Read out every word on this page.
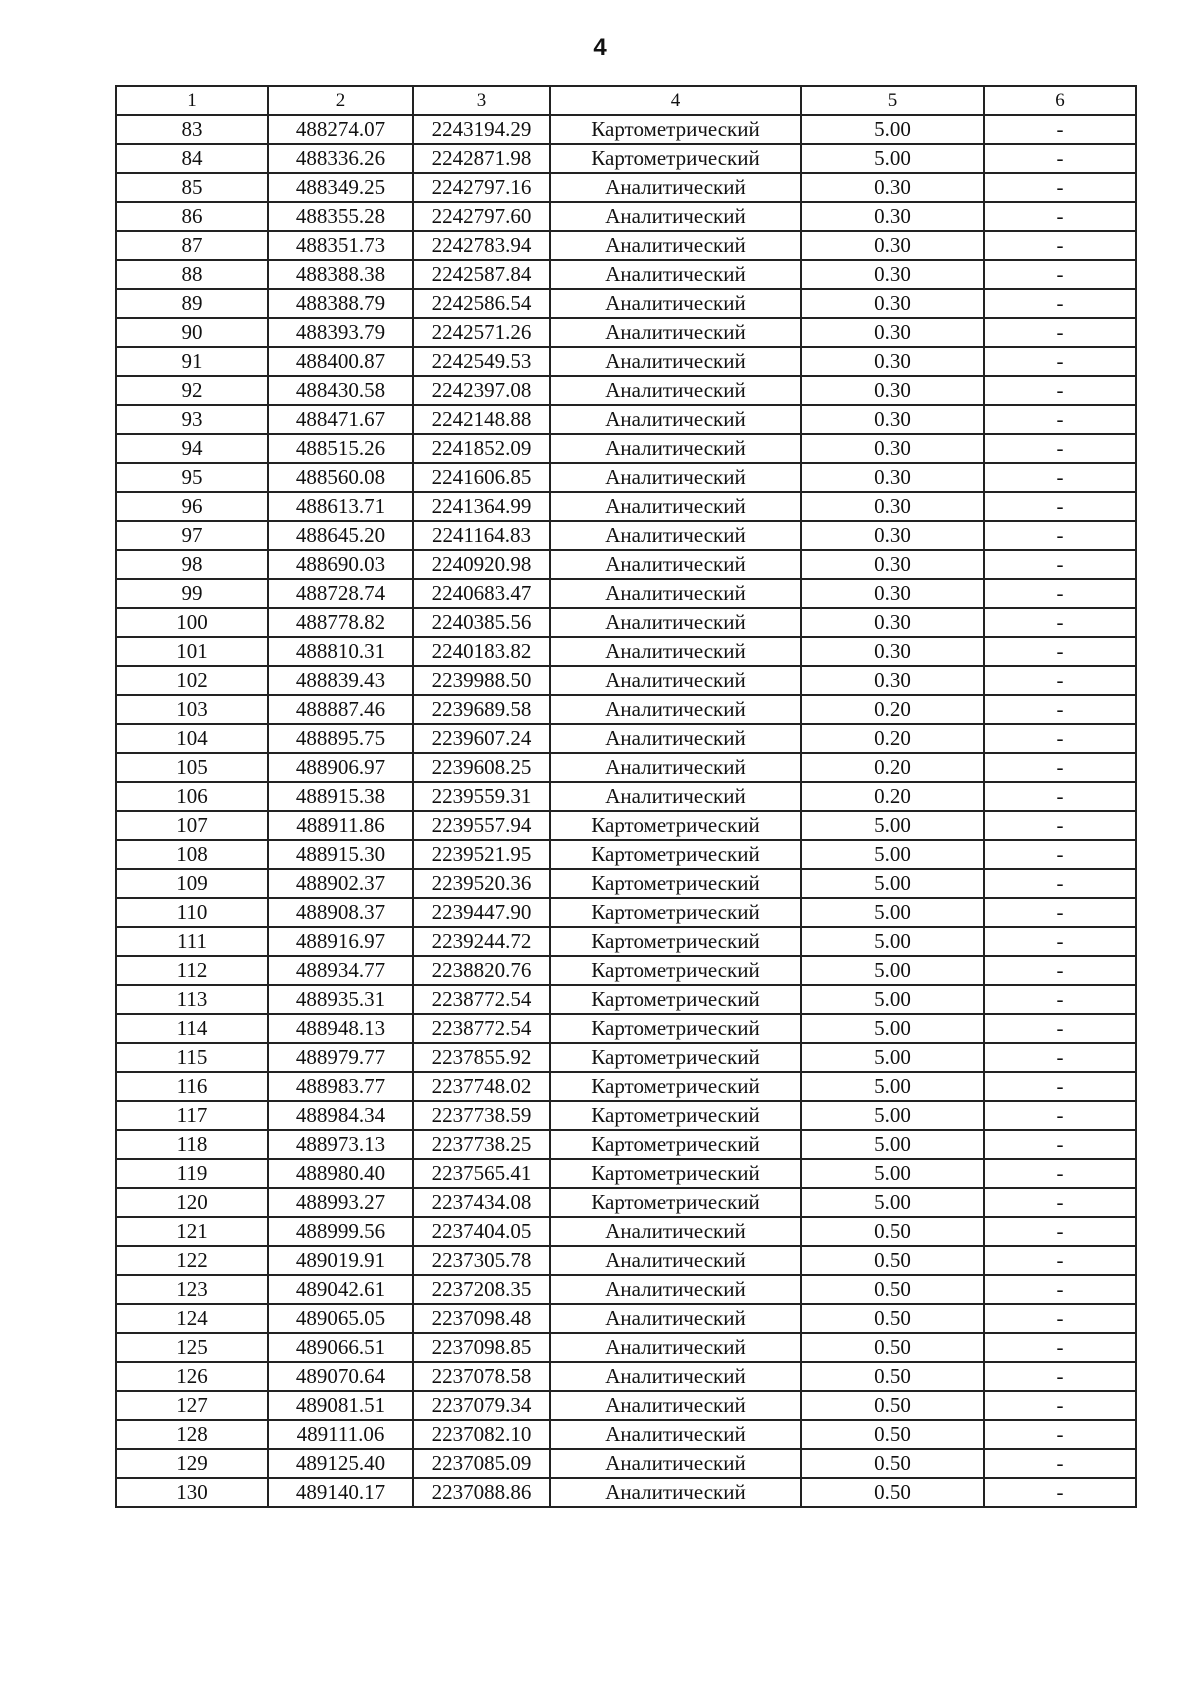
4
1	2	3	4	5	6
83	488274.07	2243194.29	Картометрический	5.00	-
84	488336.26	2242871.98	Картометрический	5.00	-
85	488349.25	2242797.16	Аналитический	0.30	-
86	488355.28	2242797.60	Аналитический	0.30	-
87	488351.73	2242783.94	Аналитический	0.30	-
88	488388.38	2242587.84	Аналитический	0.30	-
89	488388.79	2242586.54	Аналитический	0.30	-
90	488393.79	2242571.26	Аналитический	0.30	-
91	488400.87	2242549.53	Аналитический	0.30	-
92	488430.58	2242397.08	Аналитический	0.30	-
93	488471.67	2242148.88	Аналитический	0.30	-
94	488515.26	2241852.09	Аналитический	0.30	-
95	488560.08	2241606.85	Аналитический	0.30	-
96	488613.71	2241364.99	Аналитический	0.30	-
97	488645.20	2241164.83	Аналитический	0.30	-
98	488690.03	2240920.98	Аналитический	0.30	-
99	488728.74	2240683.47	Аналитический	0.30	-
100	488778.82	2240385.56	Аналитический	0.30	-
101	488810.31	2240183.82	Аналитический	0.30	-
102	488839.43	2239988.50	Аналитический	0.30	-
103	488887.46	2239689.58	Аналитический	0.20	-
104	488895.75	2239607.24	Аналитический	0.20	-
105	488906.97	2239608.25	Аналитический	0.20	-
106	488915.38	2239559.31	Аналитический	0.20	-
107	488911.86	2239557.94	Картометрический	5.00	-
108	488915.30	2239521.95	Картометрический	5.00	-
109	488902.37	2239520.36	Картометрический	5.00	-
110	488908.37	2239447.90	Картометрический	5.00	-
111	488916.97	2239244.72	Картометрический	5.00	-
112	488934.77	2238820.76	Картометрический	5.00	-
113	488935.31	2238772.54	Картометрический	5.00	-
114	488948.13	2238772.54	Картометрический	5.00	-
115	488979.77	2237855.92	Картометрический	5.00	-
116	488983.77	2237748.02	Картометрический	5.00	-
117	488984.34	2237738.59	Картометрический	5.00	-
118	488973.13	2237738.25	Картометрический	5.00	-
119	488980.40	2237565.41	Картометрический	5.00	-
120	488993.27	2237434.08	Картометрический	5.00	-
121	488999.56	2237404.05	Аналитический	0.50	-
122	489019.91	2237305.78	Аналитический	0.50	-
123	489042.61	2237208.35	Аналитический	0.50	-
124	489065.05	2237098.48	Аналитический	0.50	-
125	489066.51	2237098.85	Аналитический	0.50	-
126	489070.64	2237078.58	Аналитический	0.50	-
127	489081.51	2237079.34	Аналитический	0.50	-
128	489111.06	2237082.10	Аналитический	0.50	-
129	489125.40	2237085.09	Аналитический	0.50	-
130	489140.17	2237088.86	Аналитический	0.50	-
